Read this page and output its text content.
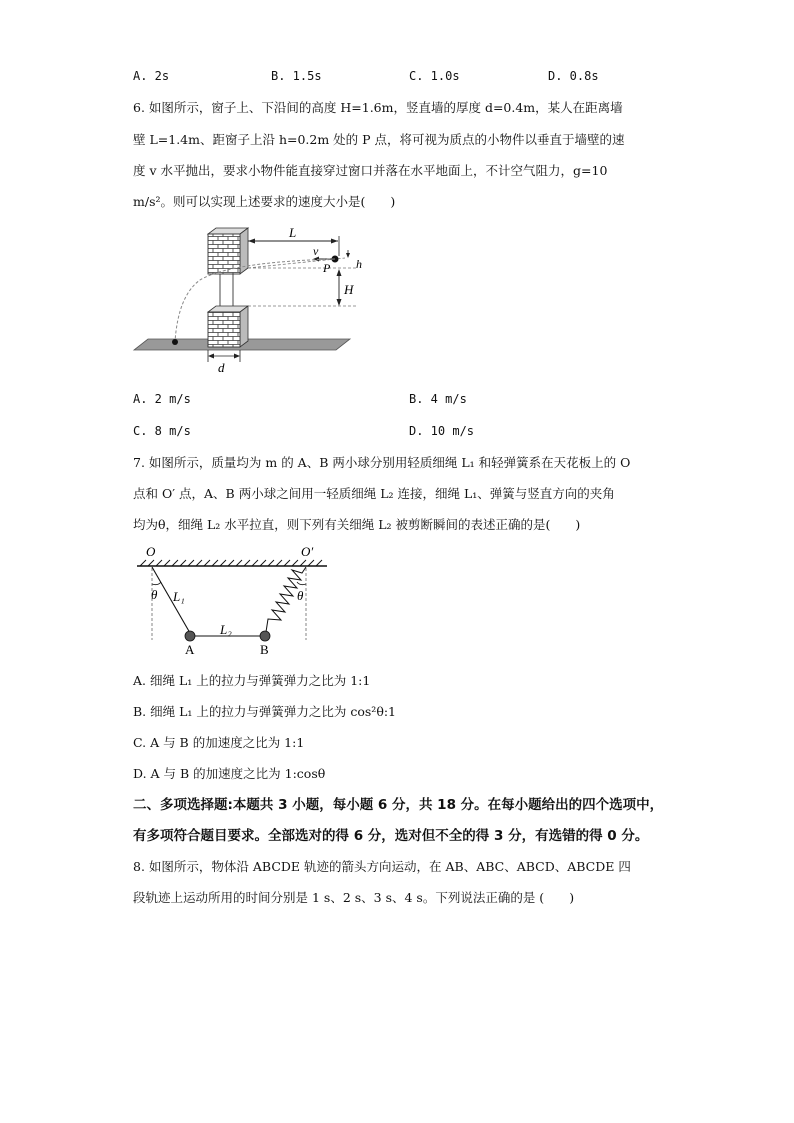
A. 2s	B. 1.5s	C. 1.0s	D. 0.8s
6. 如图所示，窗子上、下沿间的高度 H=1.6m，竖直墙的厚度 d=0.4m，某人在距离墙
壁 L=1.4m、距窗子上沿 h=0.2m 处的 P 点，将可视为质点的小物件以垂直于墙壁的速
度 v 水平抛出，要求小物件能直接穿过窗口并落在水平地面上，不计空气阻力，g=10
m/s²。则可以实现上述要求的速度大小是(　　)
L
h
H
v
P
d
A. 2 m/s	B. 4 m/s
C. 8 m/s	D. 10 m/s
7. 如图所示，质量均为 m 的 A、B 两小球分别用轻质细绳 L₁ 和轻弹簧系在天花板上的 O
点和 O′ 点，A、B 两小球之间用一轻质细绳 L₂ 连接，细绳 L₁、弹簧与竖直方向的夹角
均为θ，细绳 L₂ 水平拉直，则下列有关细绳 L₂ 被剪断瞬间的表述正确的是(　　)
O	O′
θ L₁
L₂
θ
A	B
A. 细绳 L₁ 上的拉力与弹簧弹力之比为 1:1
B. 细绳 L₁ 上的拉力与弹簧弹力之比为 cos²θ:1
C. A 与 B 的加速度之比为 1:1
D. A 与 B 的加速度之比为 1:cosθ
二、多项选择题:本题共 3 小题，每小题 6 分，共 18 分。在每小题给出的四个选项中，
有多项符合题目要求。全部选对的得 6 分，选对但不全的得 3 分，有选错的得 0 分。
8. 如图所示，物体沿 ABCDE 轨迹的箭头方向运动，在 AB、ABC、ABCD、ABCDE 四
段轨迹上运动所用的时间分别是 1 s、2 s、3 s、4 s。下列说法正确的是 (　　)
